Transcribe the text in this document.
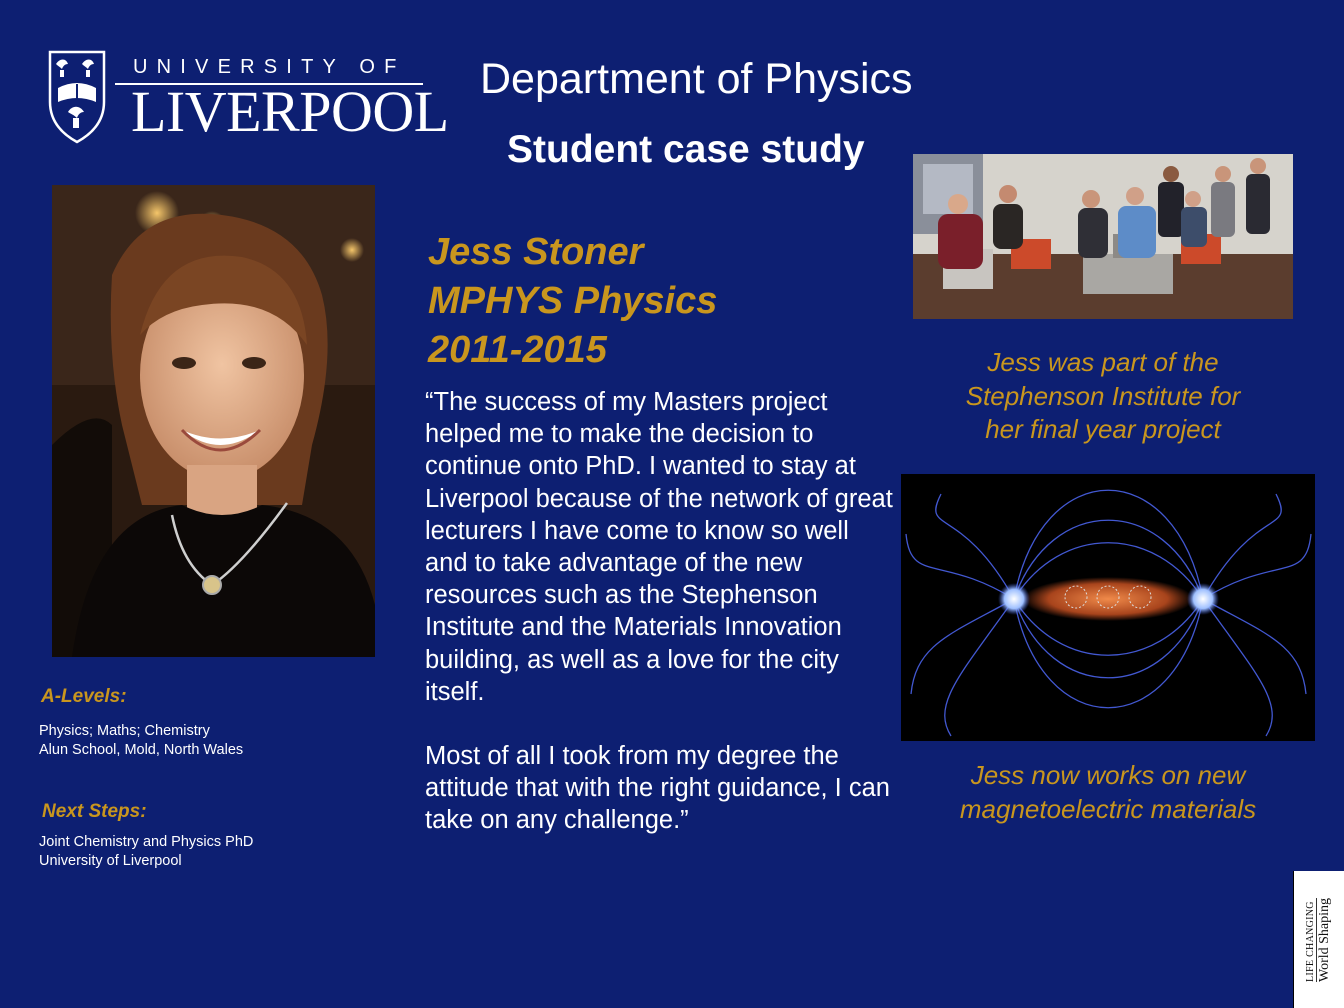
UNIVERSITY OF
LIVERPOOL Department of Physics
Student case study
Jess Stoner
MPHYS Physics
2011-2015

“The success of my Masters project helped me to make the decision to continue onto PhD. I wanted to stay at Liverpool because of the network of great lecturers I have come to know so well and to take advantage of the new resources such as the Stephenson Institute and the Materials Innovation building, as well as a love for the city itself.

Most of all I took from my degree the attitude that with the right guidance, I can take on any challenge.”

Jess was part of the
Stephenson Institute for
her final year project
Jess now works on new
magnetoelectric materials
A-Levels:
Physics; Maths; Chemistry
Alun School, Mold, North Wales
Next Steps:
Joint Chemistry and Physics PhD
University of Liverpool
LIFE CHANGING World Shaping
